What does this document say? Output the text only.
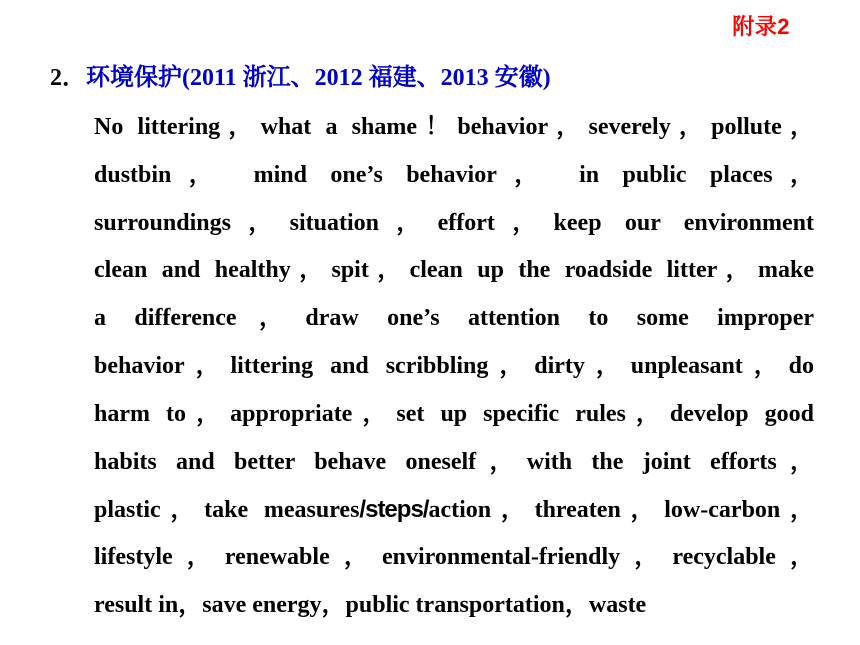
附录2
2．环境保护(2011 浙江、2012 福建、2013 安徽)
No littering，what a shame！behavior，severely，pollute，
dustbin， mind one’s behavior， in public places，
surroundings，situation，effort，keep our environment
clean and healthy，spit，clean up the roadside litter，make
a difference，draw one’s attention to some improper
behavior，littering and scribbling，dirty，unpleasant，do
harm to，appropriate，set up specific rules，develop good
habits and better behave oneself，with the joint efforts，
plastic，take measures/steps/action，threaten，low-carbon，
lifestyle，renewable，environmental-friendly，recyclable，
result in，save energy，public transportation，waste
